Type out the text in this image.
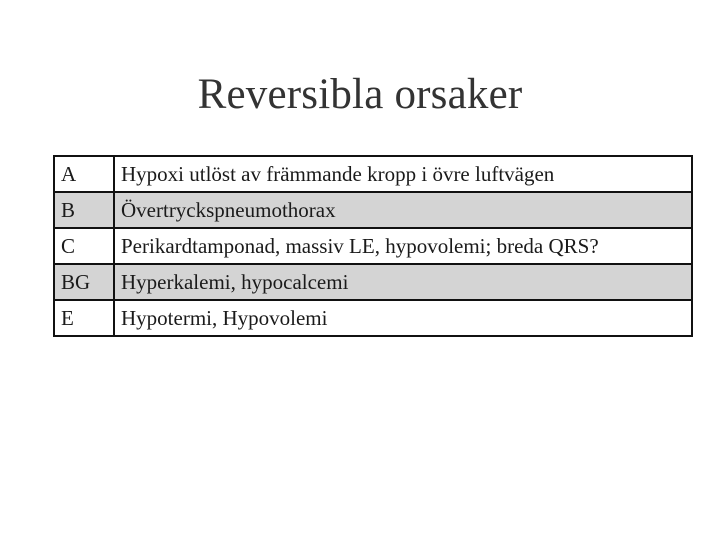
Reversibla orsaker
A	Hypoxi utlöst av främmande kropp i övre luftvägen
B	Övertryckspneumothorax
C	Perikardtamponad, massiv LE, hypovolemi; breda QRS?
BG	Hyperkalemi, hypocalcemi
E	Hypotermi, Hypovolemi
